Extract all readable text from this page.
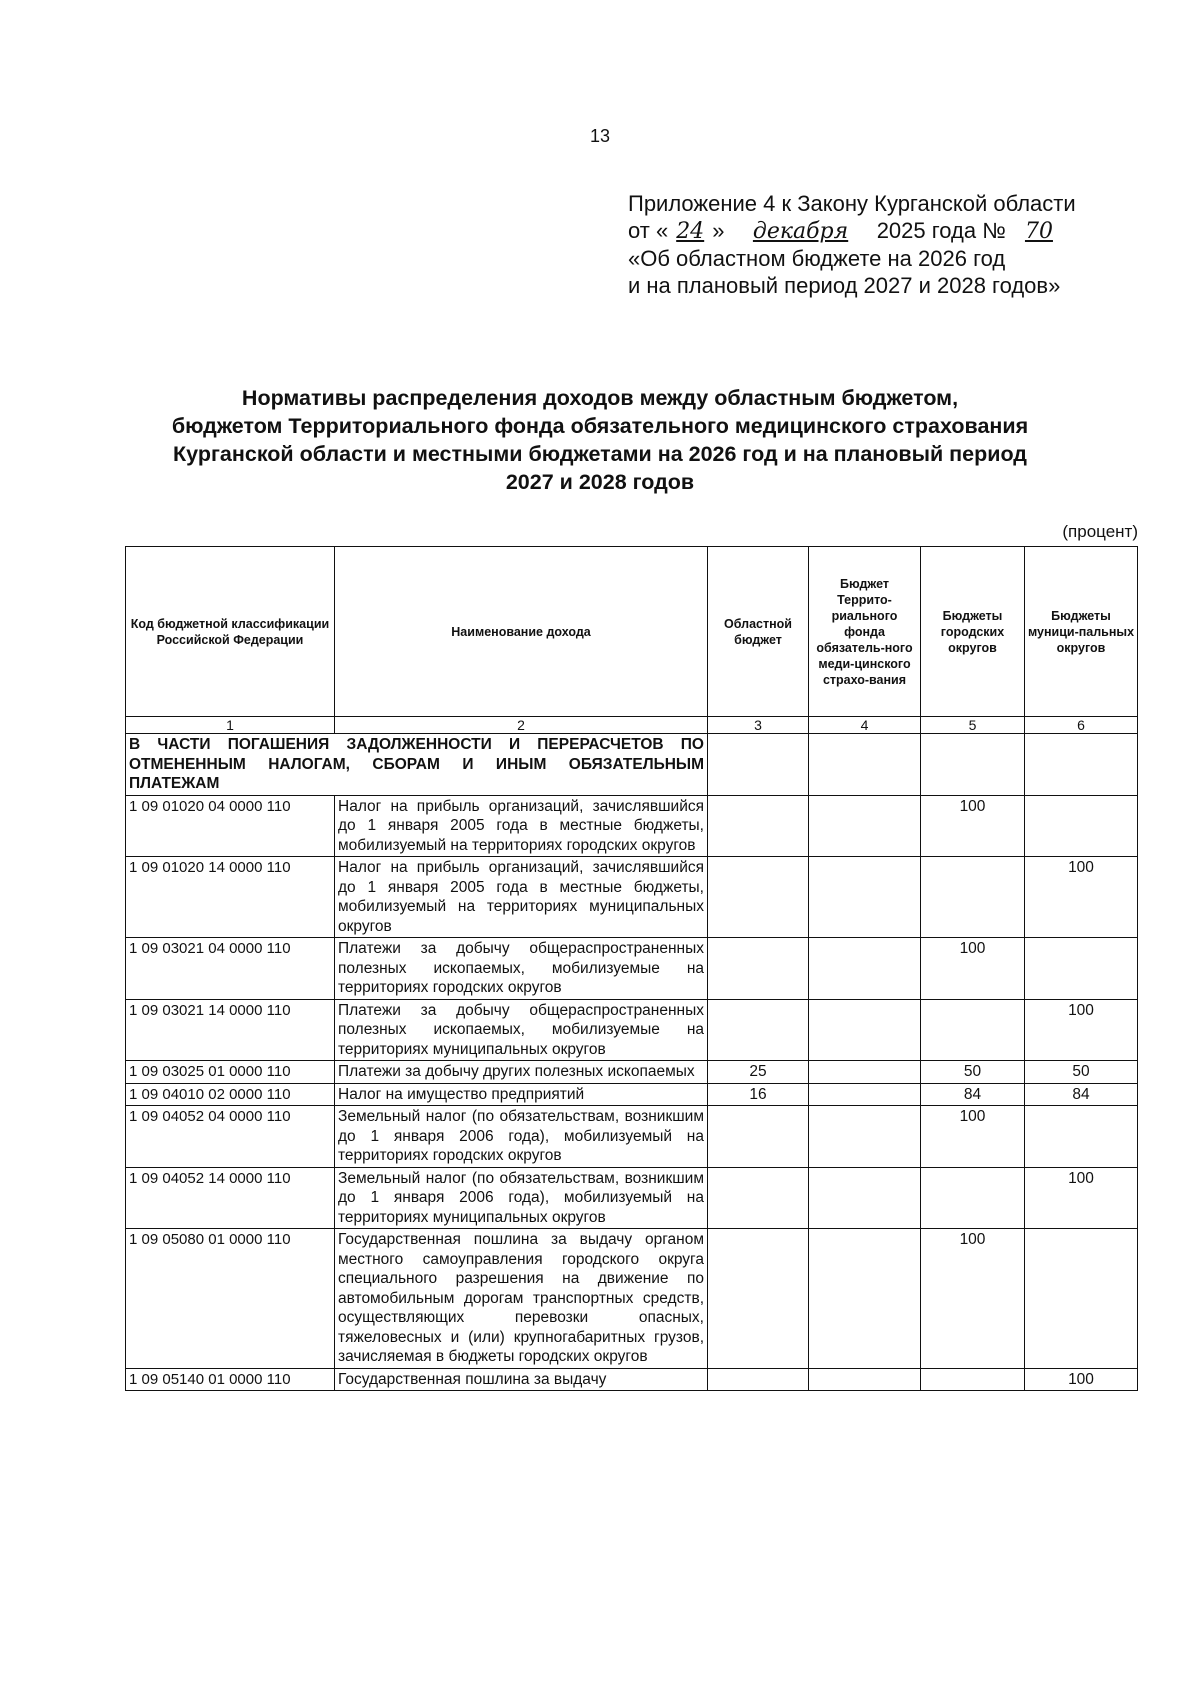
13
Приложение 4 к Закону Курганской области
от « 24 » декабря 2025 года № 70
«Об областном бюджете на 2026 год
и на плановый период 2027 и 2028 годов»
Нормативы распределения доходов между областным бюджетом,
бюджетом Территориального фонда обязательного медицинского страхования
Курганской области и местными бюджетами на 2026 год и на плановый период
2027 и 2028 годов
(процент)
Код бюджетной классификации Российской Федерации	Наименование дохода	Областной бюджет	Бюджет Террито-риального фонда обязатель-ного меди-цинского страхо-вания	Бюджеты городских округов	Бюджеты муници-пальных округов
1	2	3	4	5	6
В ЧАСТИ ПОГАШЕНИЯ ЗАДОЛЖЕННОСТИ И ПЕРЕРАСЧЕТОВ ПО ОТМЕНЕННЫМ НАЛОГАМ, СБОРАМ И ИНЫМ ОБЯЗАТЕЛЬНЫМ ПЛАТЕЖАМ					
1 09 01020 04 0000 110	Налог на прибыль организаций, зачислявшийся до 1 января 2005 года в местные бюджеты, мобилизуемый на территориях городских округов			100	
1 09 01020 14 0000 110	Налог на прибыль организаций, зачислявшийся до 1 января 2005 года в местные бюджеты, мобилизуемый на территориях муниципальных округов				100
1 09 03021 04 0000 110	Платежи за добычу общераспространенных полезных ископаемых, мобилизуемые на территориях городских округов			100	
1 09 03021 14 0000 110	Платежи за добычу общераспространенных полезных ископаемых, мобилизуемые на территориях муниципальных округов				100
1 09 03025 01 0000 110	Платежи за добычу других полезных ископаемых	25		50	50
1 09 04010 02 0000 110	Налог на имущество предприятий	16		84	84
1 09 04052 04 0000 110	Земельный налог (по обязательствам, возникшим до 1 января 2006 года), мобилизуемый на территориях городских округов			100	
1 09 04052 14 0000 110	Земельный налог (по обязательствам, возникшим до 1 января 2006 года), мобилизуемый на территориях муниципальных округов				100
1 09 05080 01 0000 110	Государственная пошлина за выдачу органом местного самоуправления городского округа специального разрешения на движение по автомобильным дорогам транспортных средств, осуществляющих перевозки опасных, тяжеловесных и (или) крупногабаритных грузов, зачисляемая в бюджеты городских округов			100	
1 09 05140 01 0000 110	Государственная пошлина за выдачу				100
